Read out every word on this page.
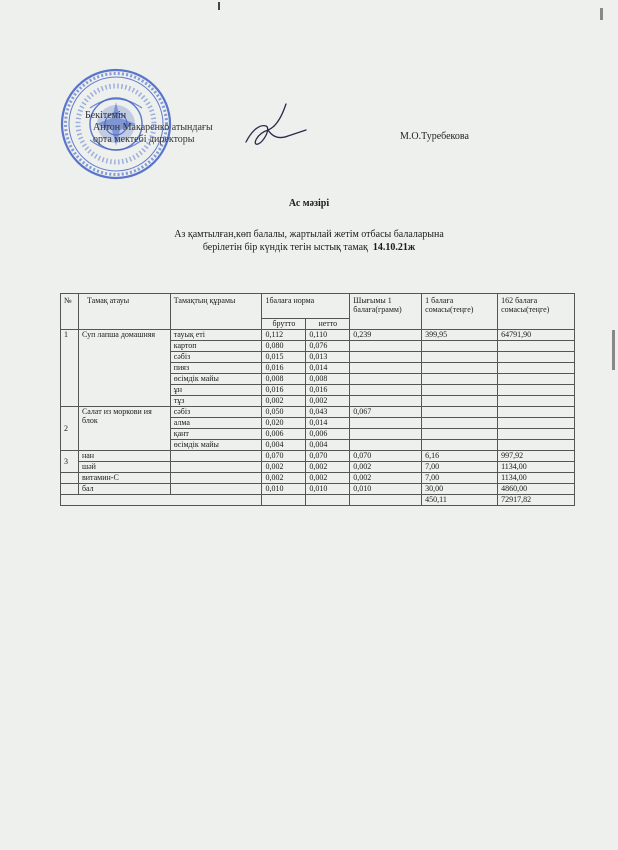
Бекітемін
Антон Макаренко атындағы
орта мектебі директоры	М.О.Туребекова
Ас мәзірі
Аз қамтылған,көп балалы, жартылай жетім отбасы балаларына
берілетін бір күндік тегін ыстық тамақ 14.10.21ж
№	Тамақ атауы	Тамақтың құрамы	1балаға норма		Шығымы 1 балаға(грамм)	1 балаға сомасы(теңге)	162 балаға сомасы(теңге)
			брутто	нетто			
1	Суп лапша домашняя	тауық еті	0,112	0,110	0,239	399,95	64791,90
		картоп	0,080	0,076			
		сәбіз	0,015	0,013			
		пияз	0,016	0,014			
		өсімдік майы	0,008	0,008			
		ұн	0,016	0,016			
		тұз	0,002	0,002			
2	Салат из моркови ия блок	сәбіз	0,050	0,043	0,067		
		алма	0,020	0,014			
		қант	0,006	0,006			
		өсімдік майы	0,004	0,004			
3	нан		0,070	0,070	0,070	6,16	997,92
	шәй		0,002	0,002	0,002	7,00	1134,00
	витамин-С		0,002	0,002	0,002	7,00	1134,00
	бал		0,010	0,010	0,010	30,00	4860,00
						450,11	72917,82
